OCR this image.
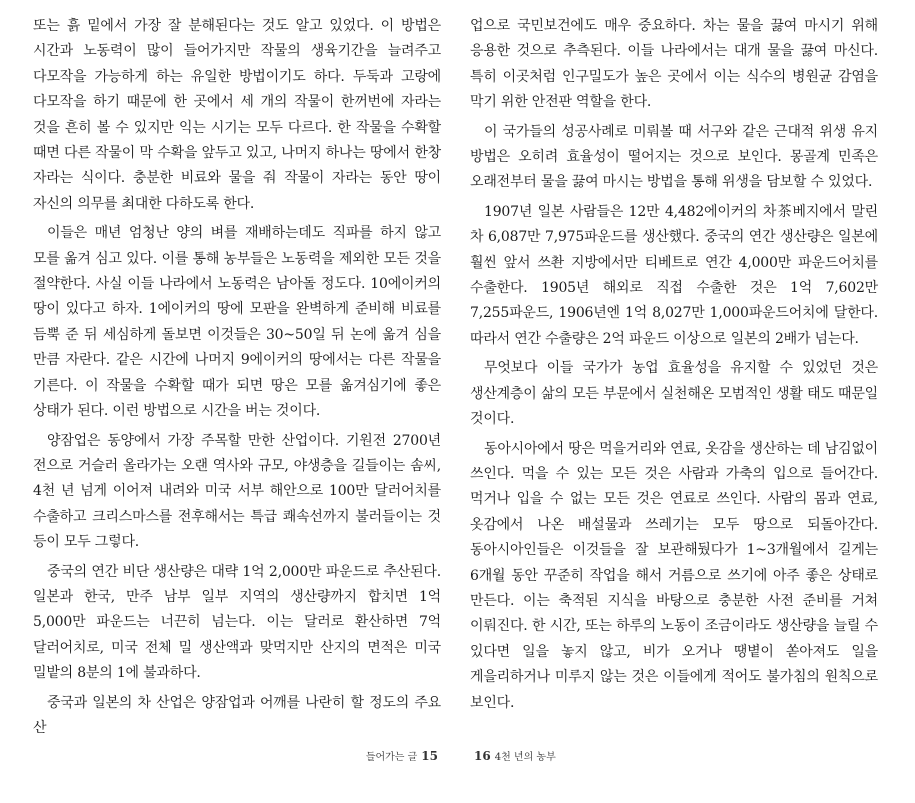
또는 흙 밑에서 가장 잘 분해된다는 것도 알고 있었다. 이 방법은 시간과 노동력이 많이 들어가지만 작물의 생육기간을 늘려주고 다모작을 가능하게 하는 유일한 방법이기도 하다. 두둑과 고랑에 다모작을 하기 때문에 한 곳에서 세 개의 작물이 한꺼번에 자라는 것을 흔히 볼 수 있지만 익는 시기는 모두 다르다. 한 작물을 수확할 때면 다른 작물이 막 수확을 앞두고 있고, 나머지 하나는 땅에서 한창 자라는 식이다. 충분한 비료와 물을 줘 작물이 자라는 동안 땅이 자신의 의무를 최대한 다하도록 한다.

이들은 매년 엄청난 양의 벼를 재배하는데도 직파를 하지 않고 모를 옮겨 심고 있다. 이를 통해 농부들은 노동력을 제외한 모든 것을 절약한다. 사실 이들 나라에서 노동력은 남아돌 정도다. 10에이커의 땅이 있다고 하자. 1에이커의 땅에 모판을 완벽하게 준비해 비료를 듬뿍 준 뒤 세심하게 돌보면 이것들은 30~50일 뒤 논에 옮겨 심을 만큼 자란다. 같은 시간에 나머지 9에이커의 땅에서는 다른 작물을 기른다. 이 작물을 수확할 때가 되면 땅은 모를 옮겨심기에 좋은 상태가 된다. 이런 방법으로 시간을 버는 것이다.

양잠업은 동양에서 가장 주목할 만한 산업이다. 기원전 2700년 전으로 거슬러 올라가는 오랜 역사와 규모, 야생층을 길들이는 솜씨, 4천 년 넘게 이어져 내려와 미국 서부 해안으로 100만 달러어치를 수출하고 크리스마스를 전후해서는 특급 쾌속선까지 불러들이는 것 등이 모두 그렇다.

중국의 연간 비단 생산량은 대략 1억 2,000만 파운드로 추산된다. 일본과 한국, 만주 남부 일부 지역의 생산량까지 합치면 1억 5,000만 파운드는 너끈히 넘는다. 이는 달러로 환산하면 7억 달러어치로, 미국 전체 밀 생산액과 맞먹지만 산지의 면적은 미국 밀밭의 8분의 1에 불과하다.

중국과 일본의 차 산업은 양잠업과 어깨를 나란히 할 정도의 주요 산

업으로 국민보건에도 매우 중요하다. 차는 물을 끓여 마시기 위해 응용한 것으로 추측된다. 이들 나라에서는 대개 물을 끓여 마신다. 특히 이곳처럼 인구밀도가 높은 곳에서 이는 식수의 병원균 감염을 막기 위한 안전판 역할을 한다.

이 국가들의 성공사례로 미뤄볼 때 서구와 같은 근대적 위생 유지 방법은 오히려 효율성이 떨어지는 것으로 보인다. 몽골계 민족은 오래전부터 물을 끓여 마시는 방법을 통해 위생을 담보할 수 있었다.

1907년 일본 사람들은 12만 4,482에이커의 차茶베지에서 말린 차 6,087만 7,975파운드를 생산했다. 중국의 연간 생산량은 일본에 훨씬 앞서 쓰촨 지방에서만 티베트로 연간 4,000만 파운드어치를 수출한다. 1905년 해외로 직접 수출한 것은 1억 7,602만 7,255파운드, 1906년엔 1억 8,027만 1,000파운드어치에 달한다. 따라서 연간 수출량은 2억 파운드 이상으로 일본의 2배가 넘는다.

무엇보다 이들 국가가 농업 효율성을 유지할 수 있었던 것은 생산계층이 삶의 모든 부문에서 실천해온 모범적인 생활 태도 때문일 것이다.

동아시아에서 땅은 먹을거리와 연료, 옷감을 생산하는 데 남김없이 쓰인다. 먹을 수 있는 모든 것은 사람과 가축의 입으로 들어간다. 먹거나 입을 수 없는 모든 것은 연료로 쓰인다. 사람의 몸과 연료, 옷감에서 나온 배설물과 쓰레기는 모두 땅으로 되돌아간다. 동아시아인들은 이것들을 잘 보관해뒀다가 1~3개월에서 길게는 6개월 동안 꾸준히 작업을 해서 거름으로 쓰기에 아주 좋은 상태로 만든다. 이는 축적된 지식을 바탕으로 충분한 사전 준비를 거쳐 이뤄진다. 한 시간, 또는 하루의 노동이 조금이라도 생산량을 늘릴 수 있다면 일을 놓지 않고, 비가 오거나 땡볕이 쏟아져도 일을 게을리하거나 미루지 않는 것은 이들에게 적어도 불가침의 원칙으로 보인다.

들어가는 글 15	16 4천 년의 농부
